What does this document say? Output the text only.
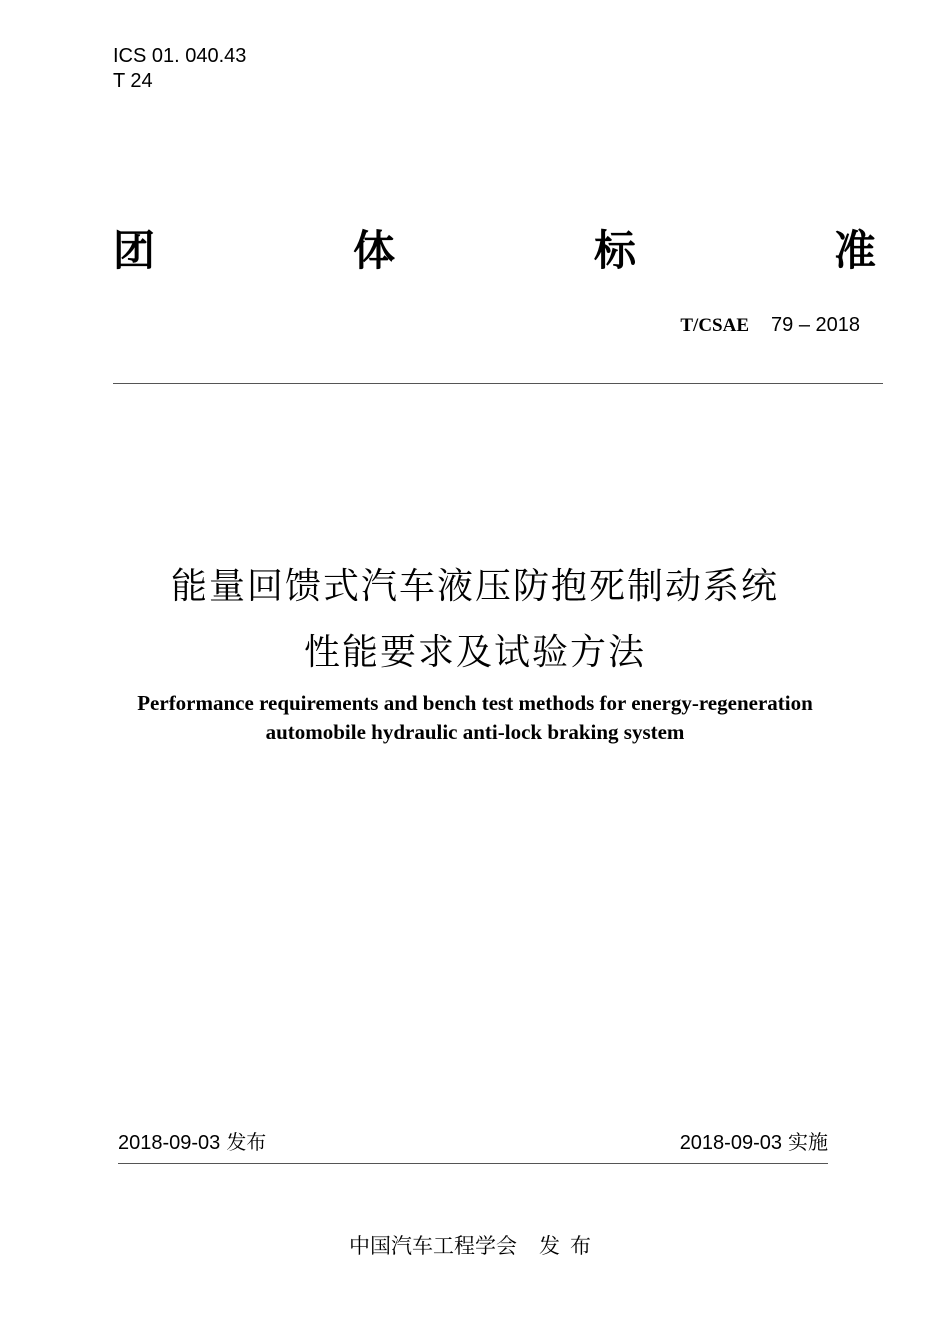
ICS 01. 040.43
T 24
团	体	标	准
T/CSAE 79 – 2018
能量回馈式汽车液压防抱死制动系统
性能要求及试验方法
Performance requirements and bench test methods for energy-regeneration
automobile hydraulic anti-lock braking system
2018-09-03 发布	2018-09-03 实施
中国汽车工程学会 发布
